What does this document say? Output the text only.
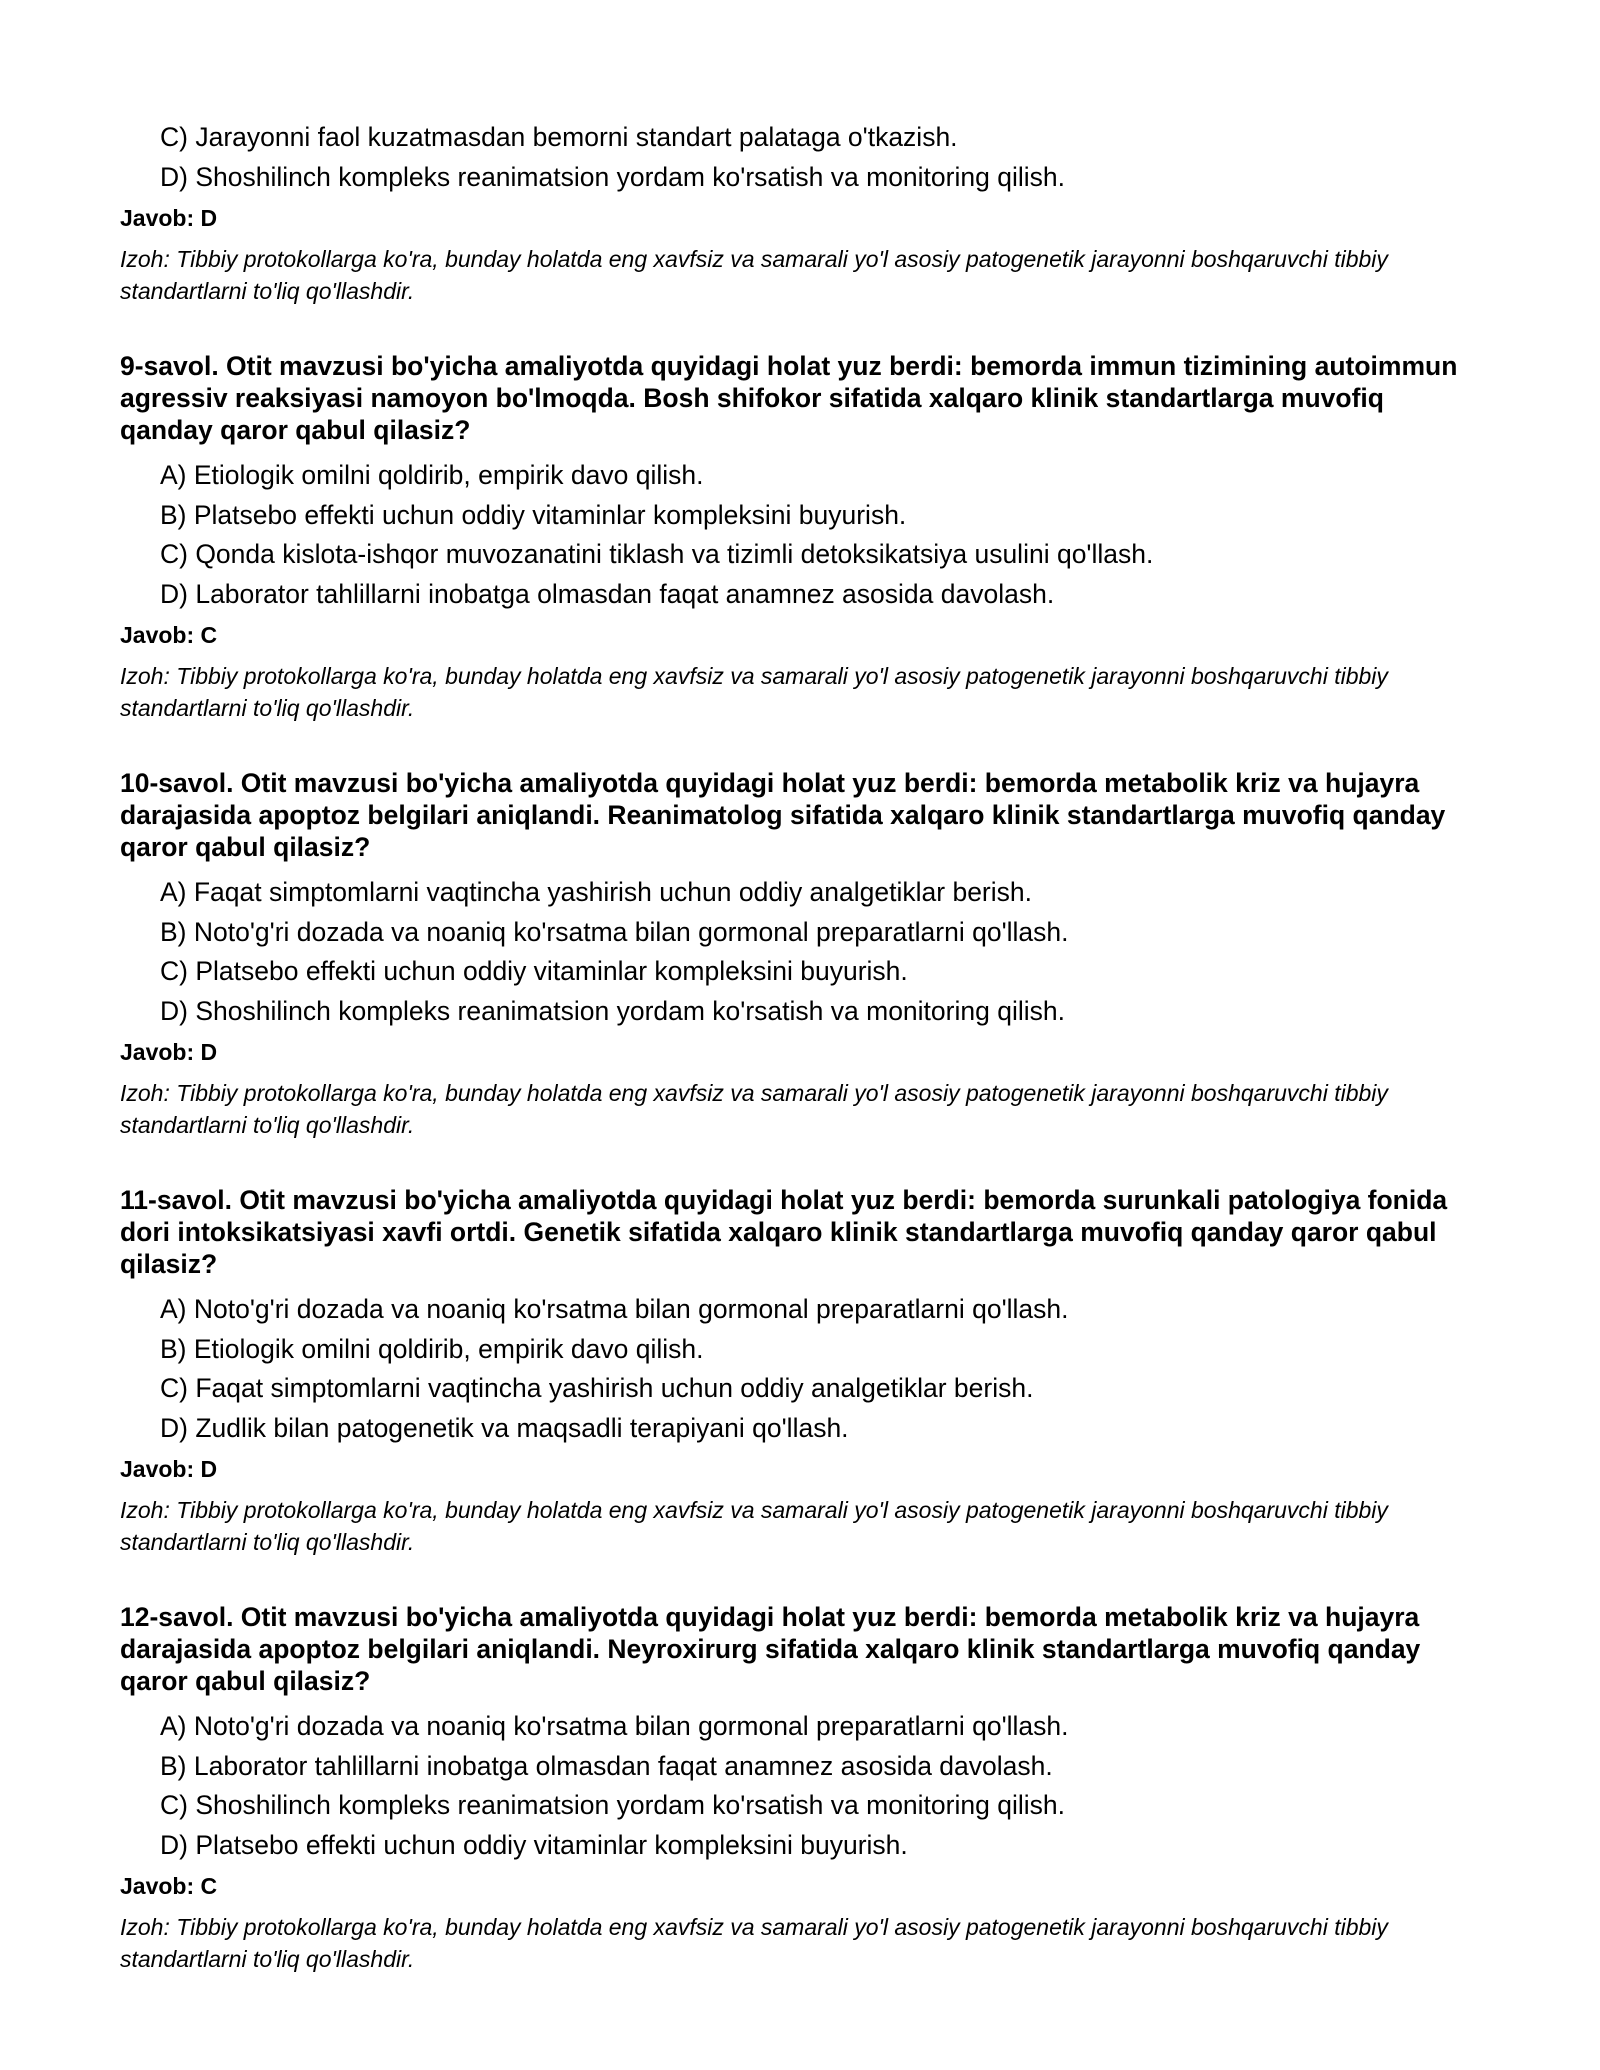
C) Jarayonni faol kuzatmasdan bemorni standart palataga o'tkazish.
D) Shoshilinch kompleks reanimatsion yordam ko'rsatish va monitoring qilish.

Javob: D

Izoh: Tibbiy protokollarga ko'ra, bunday holatda eng xavfsiz va samarali yo'l asosiy patogenetik jarayonni boshqaruvchi tibbiy standartlarni to'liq qo'llashdir.

9-savol. Otit mavzusi bo'yicha amaliyotda quyidagi holat yuz berdi: bemorda immun tizimining autoimmun agressiv reaksiyasi namoyon bo'lmoqda. Bosh shifokor sifatida xalqaro klinik standartlarga muvofiq qanday qaror qabul qilasiz?

A) Etiologik omilni qoldirib, empirik davo qilish.
B) Platsebo effekti uchun oddiy vitaminlar kompleksini buyurish.
C) Qonda kislota-ishqor muvozanatini tiklash va tizimli detoksikatsiya usulini qo'llash.
D) Laborator tahlillarni inobatga olmasdan faqat anamnez asosida davolash.

Javob: C

Izoh: Tibbiy protokollarga ko'ra, bunday holatda eng xavfsiz va samarali yo'l asosiy patogenetik jarayonni boshqaruvchi tibbiy standartlarni to'liq qo'llashdir.

10-savol. Otit mavzusi bo'yicha amaliyotda quyidagi holat yuz berdi: bemorda metabolik kriz va hujayra darajasida apoptoz belgilari aniqlandi. Reanimatolog sifatida xalqaro klinik standartlarga muvofiq qanday qaror qabul qilasiz?

A) Faqat simptomlarni vaqtincha yashirish uchun oddiy analgetiklar berish.
B) Noto'g'ri dozada va noaniq ko'rsatma bilan gormonal preparatlarni qo'llash.
C) Platsebo effekti uchun oddiy vitaminlar kompleksini buyurish.
D) Shoshilinch kompleks reanimatsion yordam ko'rsatish va monitoring qilish.

Javob: D

Izoh: Tibbiy protokollarga ko'ra, bunday holatda eng xavfsiz va samarali yo'l asosiy patogenetik jarayonni boshqaruvchi tibbiy standartlarni to'liq qo'llashdir.

11-savol. Otit mavzusi bo'yicha amaliyotda quyidagi holat yuz berdi: bemorda surunkali patologiya fonida dori intoksikatsiyasi xavfi ortdi. Genetik sifatida xalqaro klinik standartlarga muvofiq qanday qaror qabul qilasiz?

A) Noto'g'ri dozada va noaniq ko'rsatma bilan gormonal preparatlarni qo'llash.
B) Etiologik omilni qoldirib, empirik davo qilish.
C) Faqat simptomlarni vaqtincha yashirish uchun oddiy analgetiklar berish.
D) Zudlik bilan patogenetik va maqsadli terapiyani qo'llash.

Javob: D

Izoh: Tibbiy protokollarga ko'ra, bunday holatda eng xavfsiz va samarali yo'l asosiy patogenetik jarayonni boshqaruvchi tibbiy standartlarni to'liq qo'llashdir.

12-savol. Otit mavzusi bo'yicha amaliyotda quyidagi holat yuz berdi: bemorda metabolik kriz va hujayra darajasida apoptoz belgilari aniqlandi. Neyroxirurg sifatida xalqaro klinik standartlarga muvofiq qanday qaror qabul qilasiz?

A) Noto'g'ri dozada va noaniq ko'rsatma bilan gormonal preparatlarni qo'llash.
B) Laborator tahlillarni inobatga olmasdan faqat anamnez asosida davolash.
C) Shoshilinch kompleks reanimatsion yordam ko'rsatish va monitoring qilish.
D) Platsebo effekti uchun oddiy vitaminlar kompleksini buyurish.

Javob: C

Izoh: Tibbiy protokollarga ko'ra, bunday holatda eng xavfsiz va samarali yo'l asosiy patogenetik jarayonni boshqaruvchi tibbiy standartlarni to'liq qo'llashdir.
